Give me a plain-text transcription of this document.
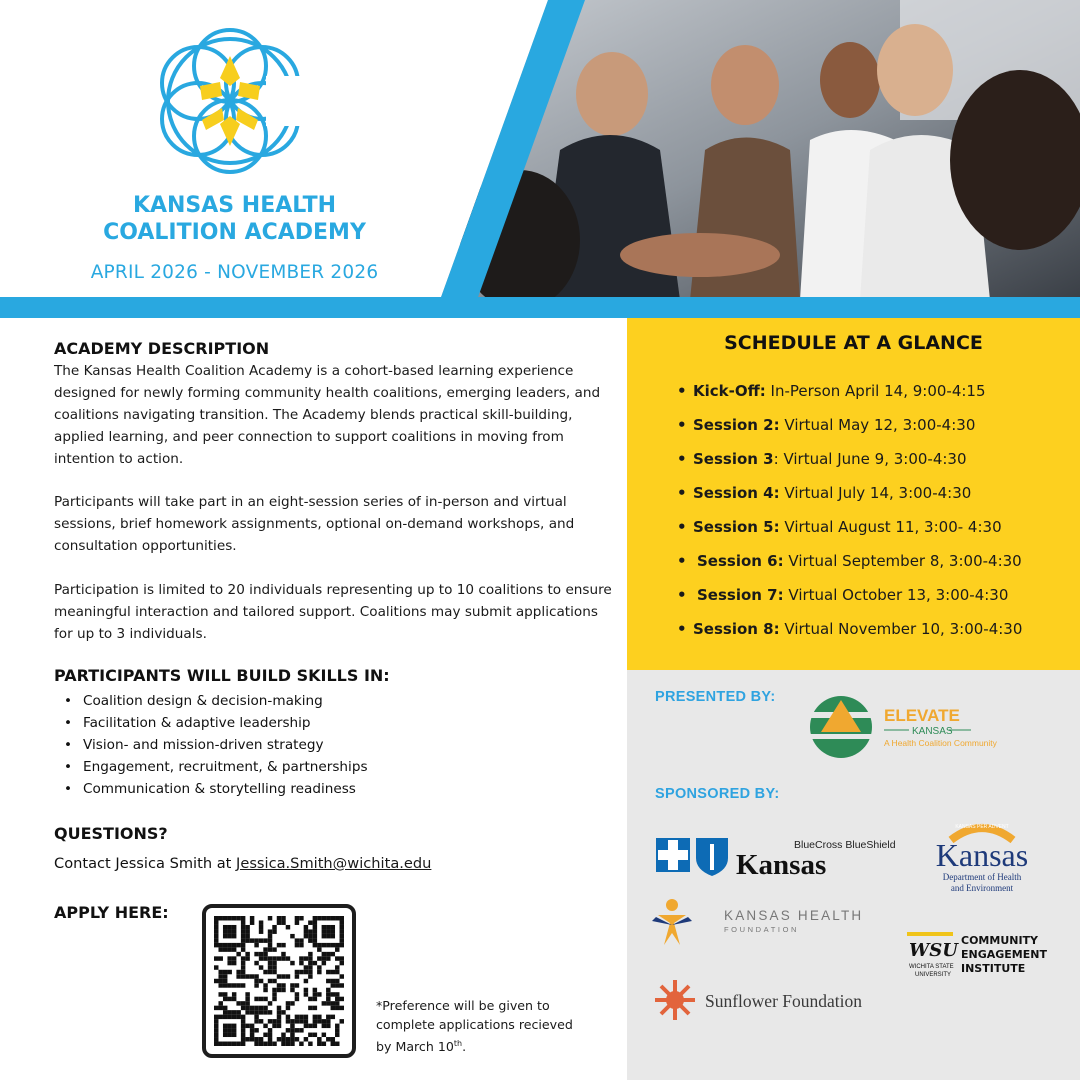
KANSAS HEALTH
COALITION ACADEMY
APRIL 2026 - NOVEMBER 2026
ACADEMY DESCRIPTION

The Kansas Health Coalition Academy is a cohort-based learning experience designed for newly forming community health coalitions, emerging leaders, and coalitions navigating transition. The Academy blends practical skill-building, applied learning, and peer connection to support coalitions in moving from intention to action.

Participants will take part in an eight-session series of in-person and virtual sessions, brief homework assignments, optional on-demand workshops, and consultation opportunities.

Participation is limited to 20 individuals representing up to 10 coalitions to ensure meaningful interaction and tailored support. Coalitions may submit applications for up to 3 individuals.

PARTICIPANTS WILL BUILD SKILLS IN:
• Coalition design & decision-making
• Facilitation & adaptive leadership
• Vision- and mission-driven strategy
• Engagement, recruitment, & partnerships
• Communication & storytelling readiness
QUESTIONS?
Contact Jessica Smith at Jessica.Smith@wichita.edu
APPLY HERE:
*Preference will be given to complete applications recieved by March 10th.
SCHEDULE AT A GLANCE
• Kick-Off: In-Person April 14, 9:00-4:15
• Session 2: Virtual May 12, 3:00-4:30
• Session 3: Virtual June 9, 3:00-4:30
• Session 4: Virtual July 14, 3:00-4:30
• Session 5: Virtual August 11, 3:00- 4:30
• Session 6: Virtual September 8, 3:00-4:30
• Session 7: Virtual October 13, 3:00-4:30
• Session 8: Virtual November 10, 3:00-4:30
PRESENTED BY:
ELEVATE
KANSAS
A Health Coalition Community
SPONSORED BY:
BlueCross BlueShield
Kansas
KANSAS PER ADVENT
Kansas
Department of Health
and Environment
KANSAS HEALTH
FOUNDATION
WSU
WICHITA STATE
UNIVERSITY
COMMUNITY
ENGAGEMENT
INSTITUTE
Sunflower Foundation
